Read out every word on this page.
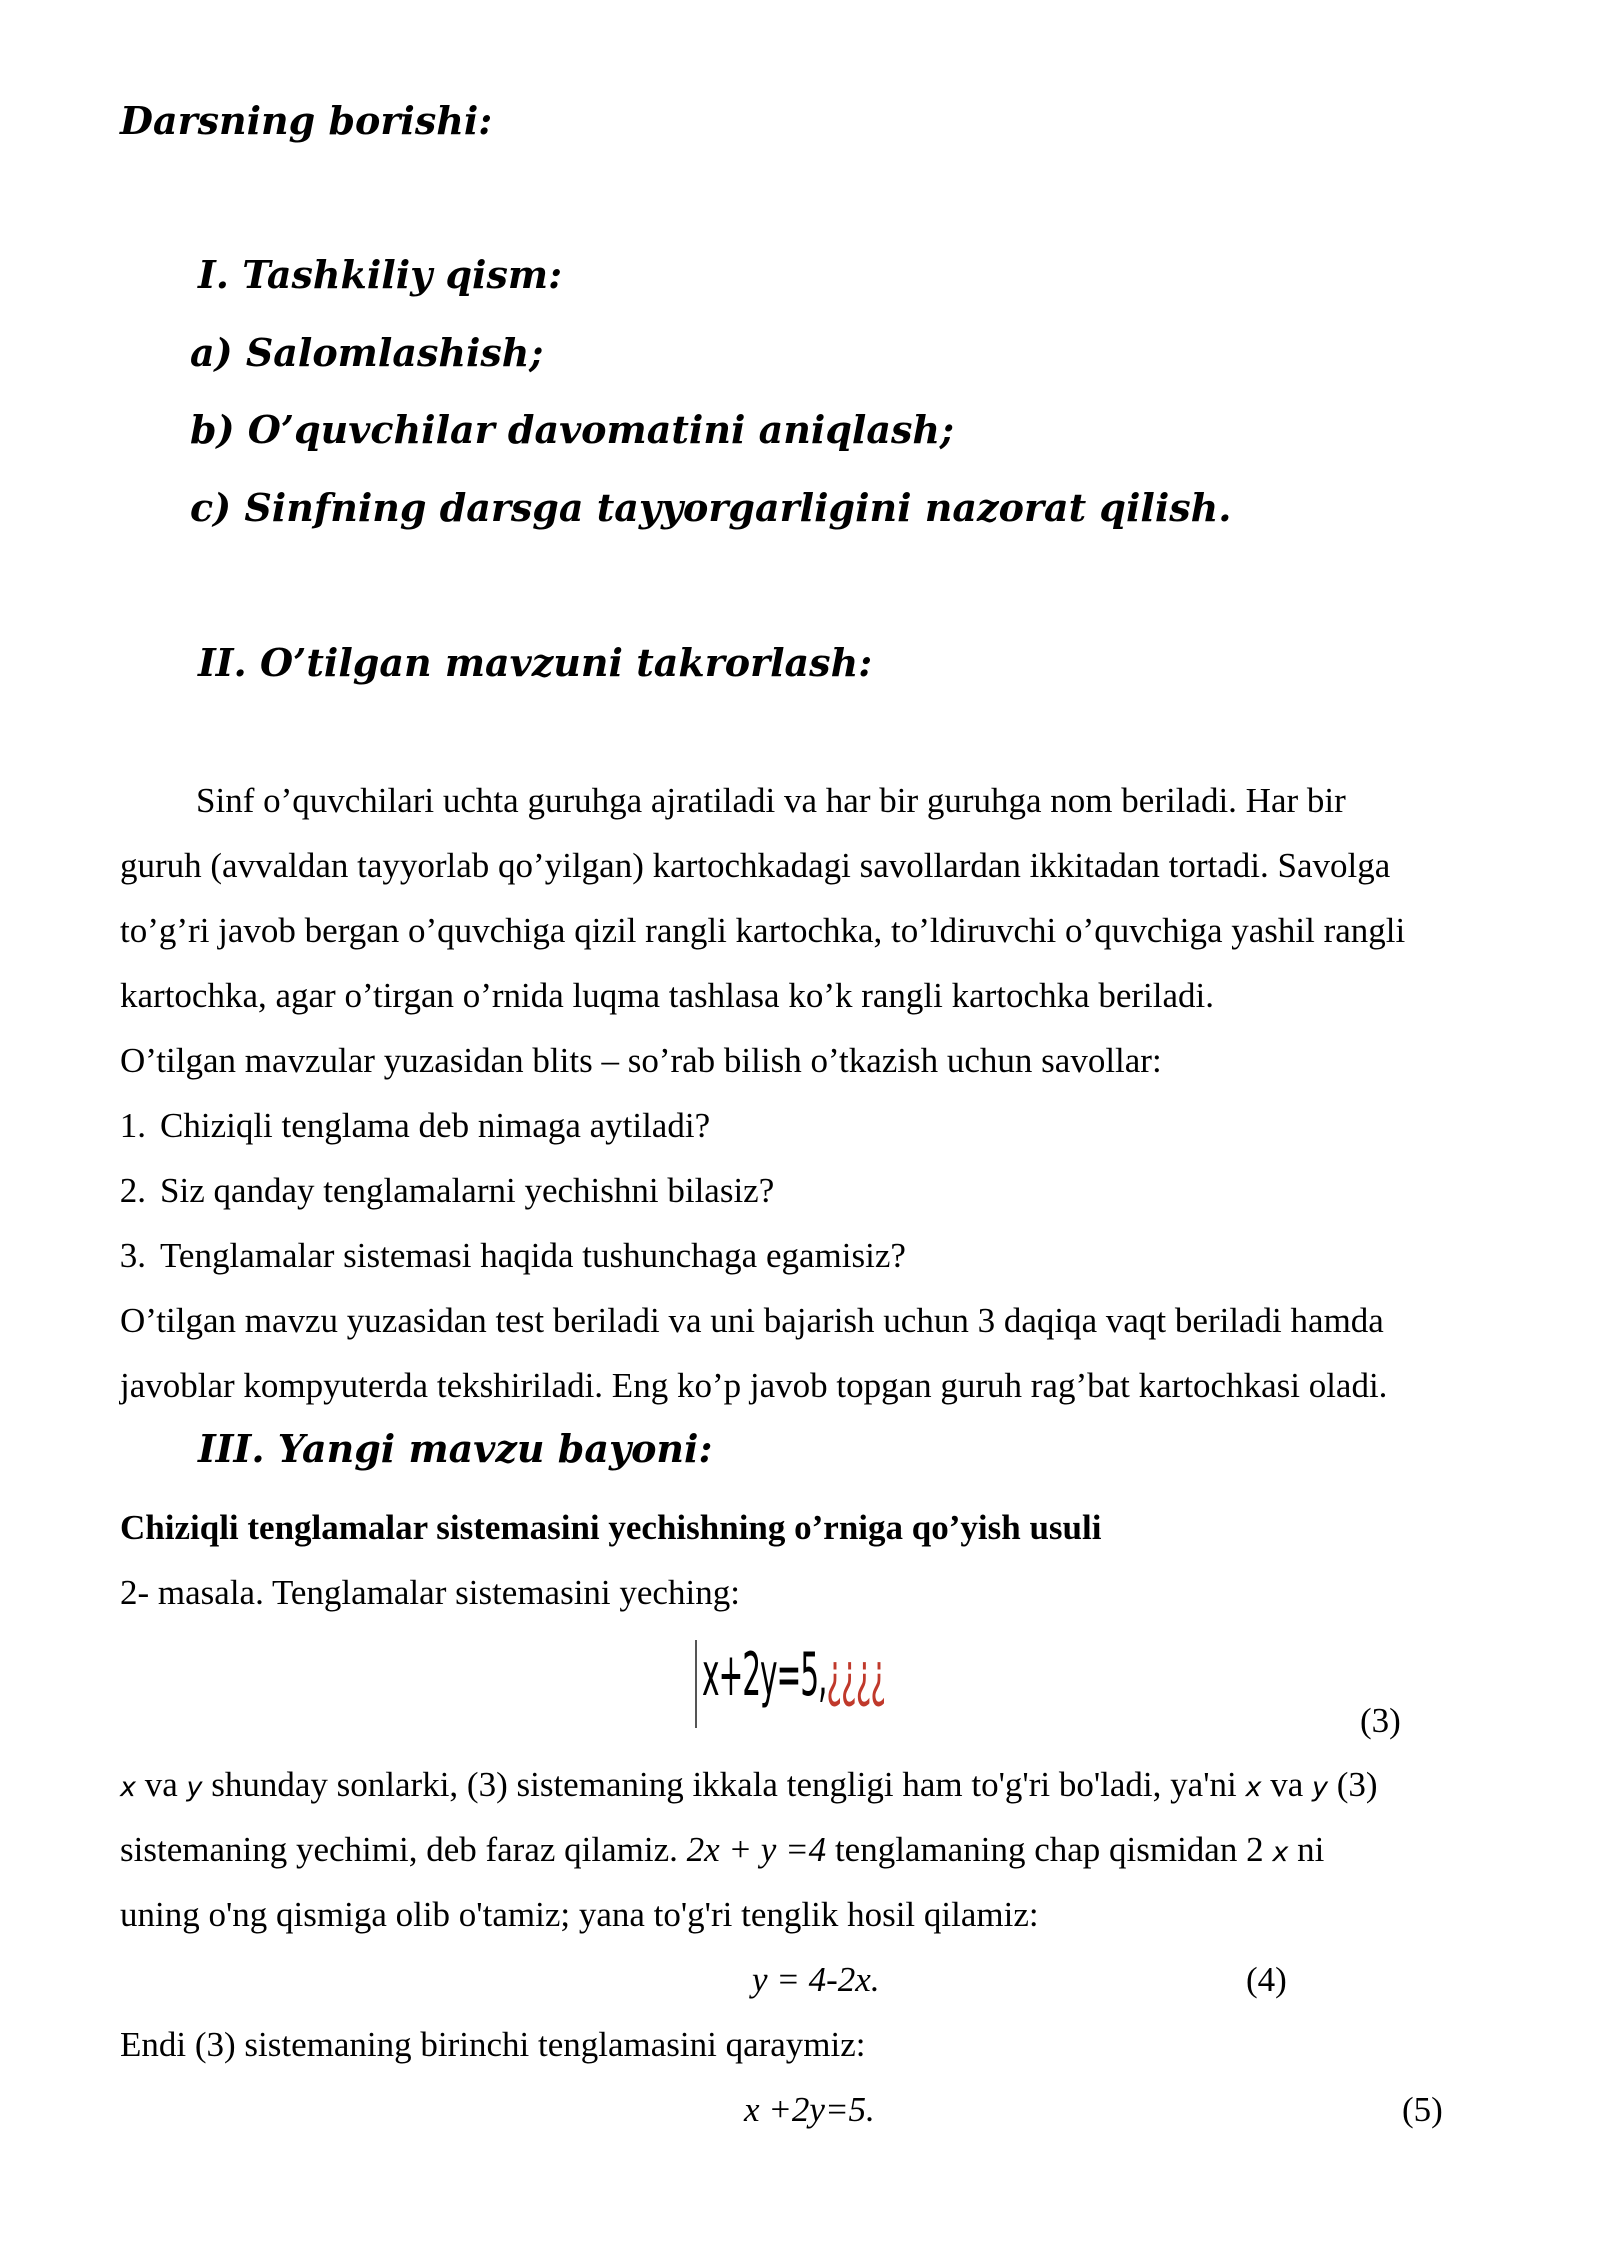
Darsning borishi:
I. Tashkiliy qism:
a) Salomlashish;
b) O’quvchilar davomatini aniqlash;
c) Sinfning darsga tayyorgarligini nazorat qilish.
II. O’tilgan mavzuni takrorlash:
Sinf o’quvchilari uchta guruhga ajratiladi va har bir guruhga nom beriladi. Har bir
guruh (avvaldan tayyorlab qo’yilgan) kartochkadagi savollardan ikkitadan tortadi. Savolga
to’g’ri javob bergan o’quvchiga qizil rangli kartochka, to’ldiruvchi o’quvchiga yashil rangli
kartochka, agar o’tirgan o’rnida luqma tashlasa ko’k rangli kartochka beriladi.
O’tilgan mavzular yuzasidan blits – so’rab bilish o’tkazish uchun savollar:
1. Chiziqli tenglama deb nimaga aytiladi?
2. Siz qanday tenglamalarni yechishni bilasiz?
3. Tenglamalar sistemasi haqida tushunchaga egamisiz?
O’tilgan mavzu yuzasidan test beriladi va uni bajarish uchun 3 daqiqa vaqt beriladi hamda
javoblar kompyuterda tekshiriladi. Eng ko’p javob topgan guruh rag’bat kartochkasi oladi.
III. Yangi mavzu bayoni:
Chiziqli tenglamalar sistemasini yechishning o’rniga qo’yish usuli
2- masala. Tenglamalar sistemasini yeching:
x+2y=5,¿¿¿¿
(3)
x va y shunday sonlarki, (3) sistemaning ikkala tengligi ham to'g'ri bo'ladi, ya'ni x va y (3)
sistemaning yechimi, deb faraz qilamiz. 2x + y =4 tenglamaning chap qismidan 2 x ni
uning o'ng qismiga olib o'tamiz; yana to'g'ri tenglik hosil qilamiz:
y = 4-2x.	(4)
Endi (3) sistemaning birinchi tenglamasini qaraymiz:
x +2y=5.	(5)
